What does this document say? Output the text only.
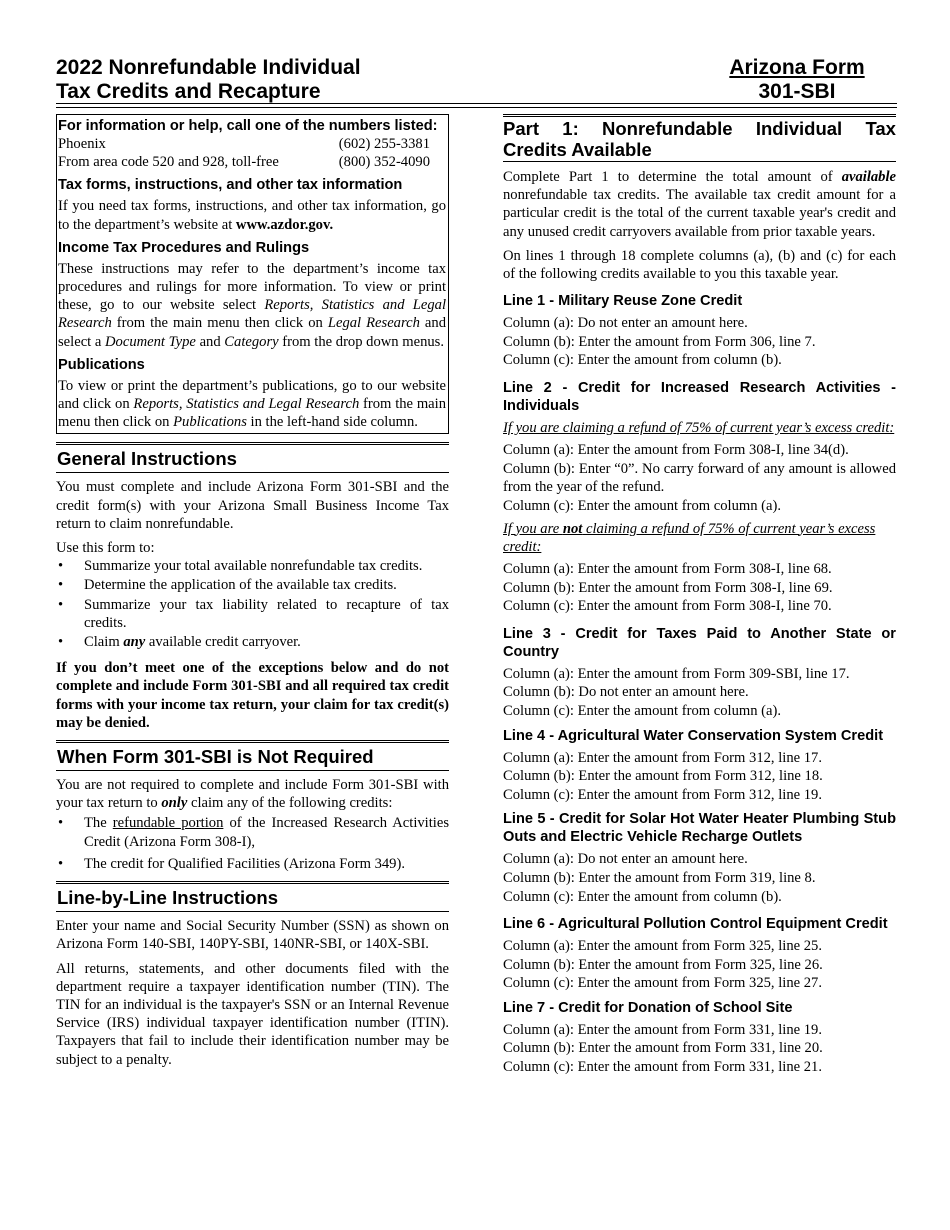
2022 Nonrefundable Individual
Tax Credits and Recapture
Arizona Form
301-SBI
For information or help, call one of the numbers listed:
Phoenix	(602) 255-3381
From area code 520 and 928, toll-free	(800) 352-4090
Tax forms, instructions, and other tax information

If you need tax forms, instructions, and other tax information, go to the department’s website at www.azdor.gov.

Income Tax Procedures and Rulings

These instructions may refer to the department’s income tax procedures and rulings for more information. To view or print these, go to our website select Reports, Statistics and Legal Research from the main menu then click on Legal Research and select a Document Type and Category from the drop down menus.

Publications

To view or print the department’s publications, go to our website and click on Reports, Statistics and Legal Research from the main menu then click on Publications in the left-hand side column.

General Instructions

You must complete and include Arizona Form 301-SBI and the credit form(s) with your Arizona Small Business Income Tax return to claim nonrefundable.

Use this form to:

• Summarize your total available nonrefundable tax credits.
• Determine the application of the available tax credits.
• Summarize your tax liability related to recapture of tax credits.
• Claim any available credit carryover.

If you don’t meet one of the exceptions below and do not complete and include Form 301-SBI and all required tax credit forms with your income tax return, your claim for tax credit(s) may be denied.

When Form 301-SBI is Not Required

You are not required to complete and include Form 301-SBI with your tax return to only claim any of the following credits:

• The refundable portion of the Increased Research Activities Credit (Arizona Form 308-I),
• The credit for Qualified Facilities (Arizona Form 349).
Line-by-Line Instructions

Enter your name and Social Security Number (SSN) as shown on Arizona Form 140-SBI, 140PY-SBI, 140NR-SBI, or 140X-SBI.

All returns, statements, and other documents filed with the department require a taxpayer identification number (TIN). The TIN for an individual is the taxpayer's SSN or an Internal Revenue Service (IRS) individual taxpayer identification number (ITIN). Taxpayers that fail to include their identification number may be subject to a penalty.

Part 1: Nonrefundable Individual Tax
Credits Available

Complete Part 1 to determine the total amount of available nonrefundable tax credits. The available tax credit amount for a particular credit is the total of the current taxable year's credit and any unused credit carryovers available from prior taxable years.

On lines 1 through 18 complete columns (a), (b) and (c) for each of the following credits available to you this taxable year.

Line 1 - Military Reuse Zone Credit

Column (a): Do not enter an amount here.

Column (b): Enter the amount from Form 306, line 7.

Column (c): Enter the amount from column (b).

Line 2 - Credit for Increased Research Activities - Individuals

If you are claiming a refund of 75% of current year’s excess credit:

Column (a): Enter the amount from Form 308-I, line 34(d).

Column (b): Enter “0”. No carry forward of any amount is allowed from the year of the refund.

Column (c): Enter the amount from column (a).

If you are not claiming a refund of 75% of current year’s excess credit:

Column (a): Enter the amount from Form 308-I, line 68.

Column (b): Enter the amount from Form 308-I, line 69.

Column (c): Enter the amount from Form 308-I, line 70.

Line 3 - Credit for Taxes Paid to Another State or Country

Column (a): Enter the amount from Form 309-SBI, line 17.

Column (b): Do not enter an amount here.

Column (c): Enter the amount from column (a).

Line 4 - Agricultural Water Conservation System Credit

Column (a): Enter the amount from Form 312, line 17.

Column (b): Enter the amount from Form 312, line 18.

Column (c): Enter the amount from Form 312, line 19.

Line 5 - Credit for Solar Hot Water Heater Plumbing Stub Outs and Electric Vehicle Recharge Outlets

Column (a): Do not enter an amount here.

Column (b): Enter the amount from Form 319, line 8.

Column (c): Enter the amount from column (b).

Line 6 - Agricultural Pollution Control Equipment Credit

Column (a): Enter the amount from Form 325, line 25.

Column (b): Enter the amount from Form 325, line 26.

Column (c): Enter the amount from Form 325, line 27.

Line 7 - Credit for Donation of School Site

Column (a): Enter the amount from Form 331, line 19.

Column (b): Enter the amount from Form 331, line 20.

Column (c): Enter the amount from Form 331, line 21.
